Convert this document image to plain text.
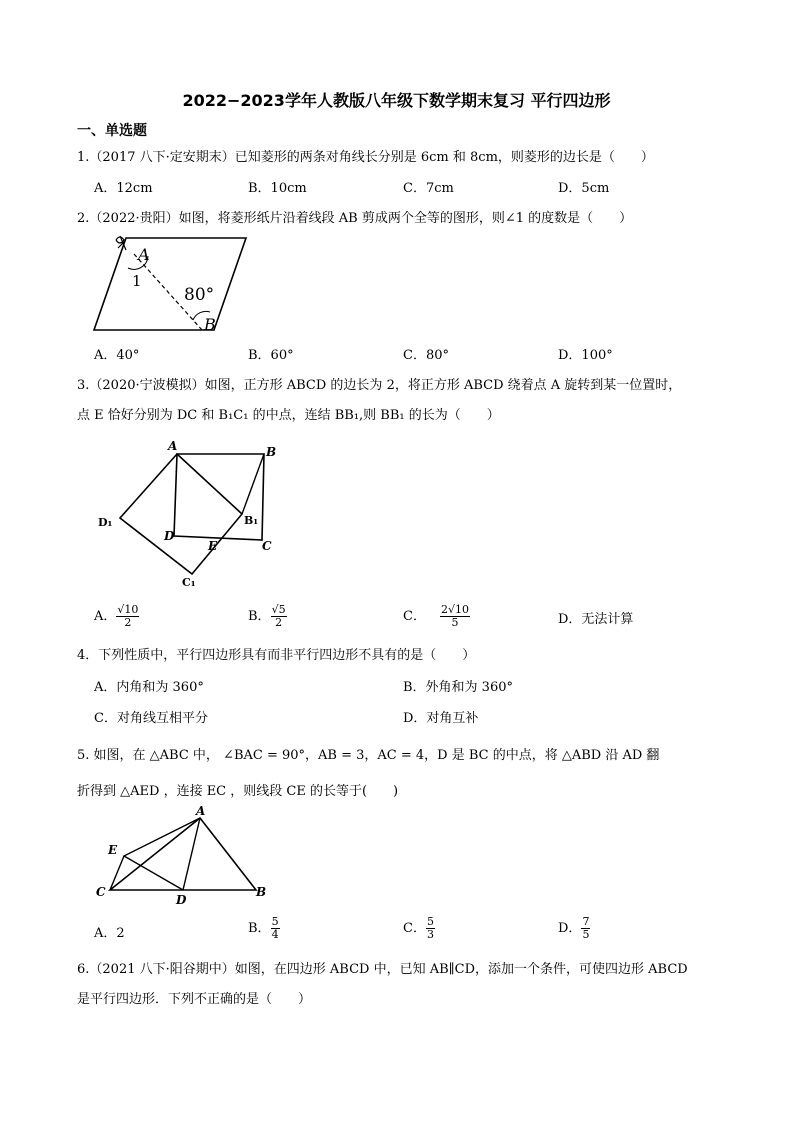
2022−2023学年人教版八年级下数学期末复习 平行四边形
一、单选题
1.（2017 八下·定安期末）已知菱形的两条对角线长分别是 6cm 和 8cm，则菱形的边长是（　　）
A．12cm	B．10cm	C．7cm	D．5cm
2.（2022·贵阳）如图，将菱形纸片沿着线段 AB 剪成两个全等的图形，则∠1 的度数是（　　）
A
1
80°
B
A．40°	B．60°	C．80°	D．100°
3.（2020·宁波模拟）如图，正方形 ABCD 的边长为 2，将正方形 ABCD 绕着点 A 旋转到某一位置时，
点 E 恰好分别为 DC 和 B₁C₁ 的中点，连结 BB₁,则 BB₁ 的长为（　　）
A	B
D₁	B₁
D
E	C
C₁
A． $\frac{√10}{2}$	B． $\frac{√5}{2}$	C． $\frac{2√10}{5}$	D．无法计算
4．下列性质中，平行四边形具有而非平行四边形不具有的是（　　）
A．内角和为 360°	B．外角和为 360°
C．对角线互相平分	D．对角互补
5. 如图，在 △ABC 中， ∠BAC = 90°，AB = 3，AC = 4，D 是 BC 的中点，将 △ABD 沿 AD 翻
折得到 △AED ，连接 EC ，则线段 CE 的长等于(　　)
A
E
C
D
B
A．2	B． $\frac{5}{4}$	C． $\frac{5}{3}$	D． $\frac{7}{5}$
6.（2021 八下·阳谷期中）如图，在四边形 ABCD 中，已知 AB∥CD，添加一个条件，可使四边形 ABCD
是平行四边形．下列不正确的是（　　）
